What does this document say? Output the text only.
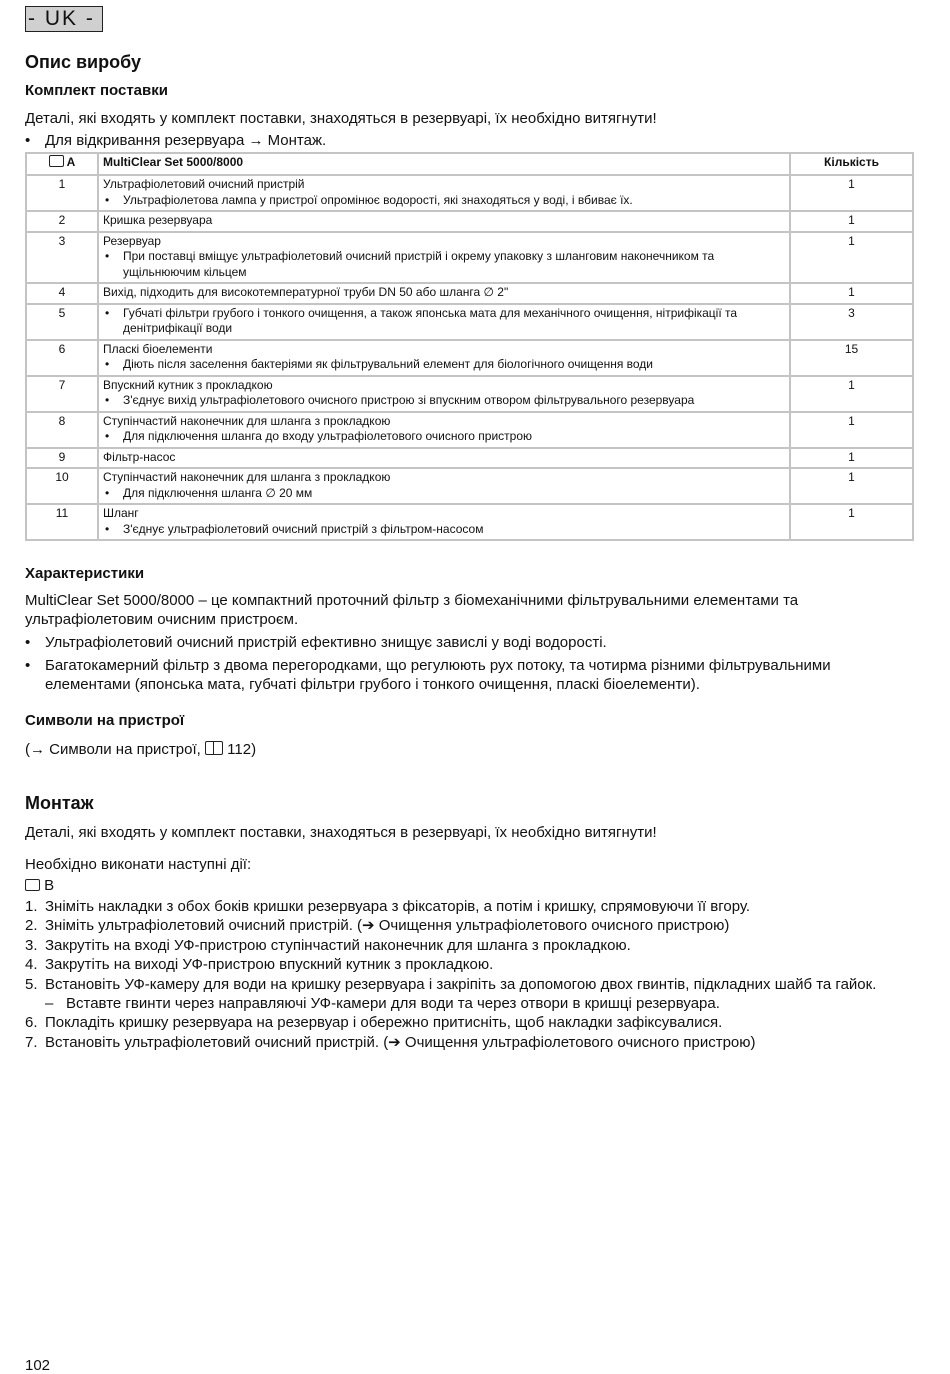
- UK -
Опис виробу
Комплект поставки

Деталі, які входять у комплект поставки, знаходяться в резервуарі, їх необхідно витягнути!

• Для відкривання резервуара → Монтаж.
A	MultiClear Set 5000/8000	Кількість
1	Ультрафіолетовий очисний пристрій
• Ультрафіолетова лампа у пристрої опромінює водорості, які знаходяться у воді, і вбиває їх.	1
2	Кришка резервуара	1
3	Резервуар
• При поставці вміщує ультрафіолетовий очисний пристрій і окрему упаковку з шланговим наконечником та ущільнюючим кільцем	1
4	Вихід, підходить для високотемпературної труби DN 50 або шланга ∅ 2"	1
5	• Губчаті фільтри грубого і тонкого очищення, а також японська мата для механічного очищення, нітрифікації та денітрифікації води	3
6	Пласкі біоелементи
• Діють після заселення бактеріями як фільтрувальний елемент для біологічного очищення води	15
7	Впускний кутник з прокладкою
• З'єднує вихід ультрафіолетового очисного пристрою зі впускним отвором фільтрувального резервуара	1
8	Ступінчастий наконечник для шланга з прокладкою
• Для підключення шланга до входу ультрафіолетового очисного пристрою	1
9	Фільтр-насос	1
10	Ступінчастий наконечник для шланга з прокладкою
• Для підключення шланга ∅ 20 мм	1
11	Шланг
• З'єднує ультрафіолетовий очисний пристрій з фільтром-насосом	1
Характеристики

MultiClear Set 5000/8000 – це компактний проточний фільтр з біомеханічними фільтрувальними елементами та ультрафіолетовим очисним пристроєм.

• Ультрафіолетовий очисний пристрій ефективно знищує завислі у воді водорості.
• Багатокамерний фільтр з двома перегородками, що регулюють рух потоку, та чотирма різними фільтрувальними елементами (японська мата, губчаті фільтри грубого і тонкого очищення, пласкі біоелементи).
Символи на пристрої

(→ Символи на пристрої, 112)

Монтаж

Деталі, які входять у комплект поставки, знаходяться в резервуарі, їх необхідно витягнути!

Необхідно виконати наступні дії:

B

1. Зніміть накладки з обох боків кришки резервуара з фіксаторів, а потім і кришку, спрямовуючи її вгору.
2. Зніміть ультрафіолетовий очисний пристрій. (➔ Очищення ультрафіолетового очисного пристрою)
3. Закрутіть на вході УФ-пристрою ступінчастий наконечник для шланга з прокладкою.
4. Закрутіть на виході УФ-пристрою впускний кутник з прокладкою.
5. Встановіть УФ-камеру для води на кришку резервуара і закріпіть за допомогою двох гвинтів, підкладних шайб та гайок.
– Вставте гвинти через направляючі УФ-камери для води та через отвори в кришці резервуара.
6. Покладіть кришку резервуара на резервуар і обережно притисніть, щоб накладки зафіксувалися.
7. Встановіть ультрафіолетовий очисний пристрій. (➔ Очищення ультрафіолетового очисного пристрою)
102
